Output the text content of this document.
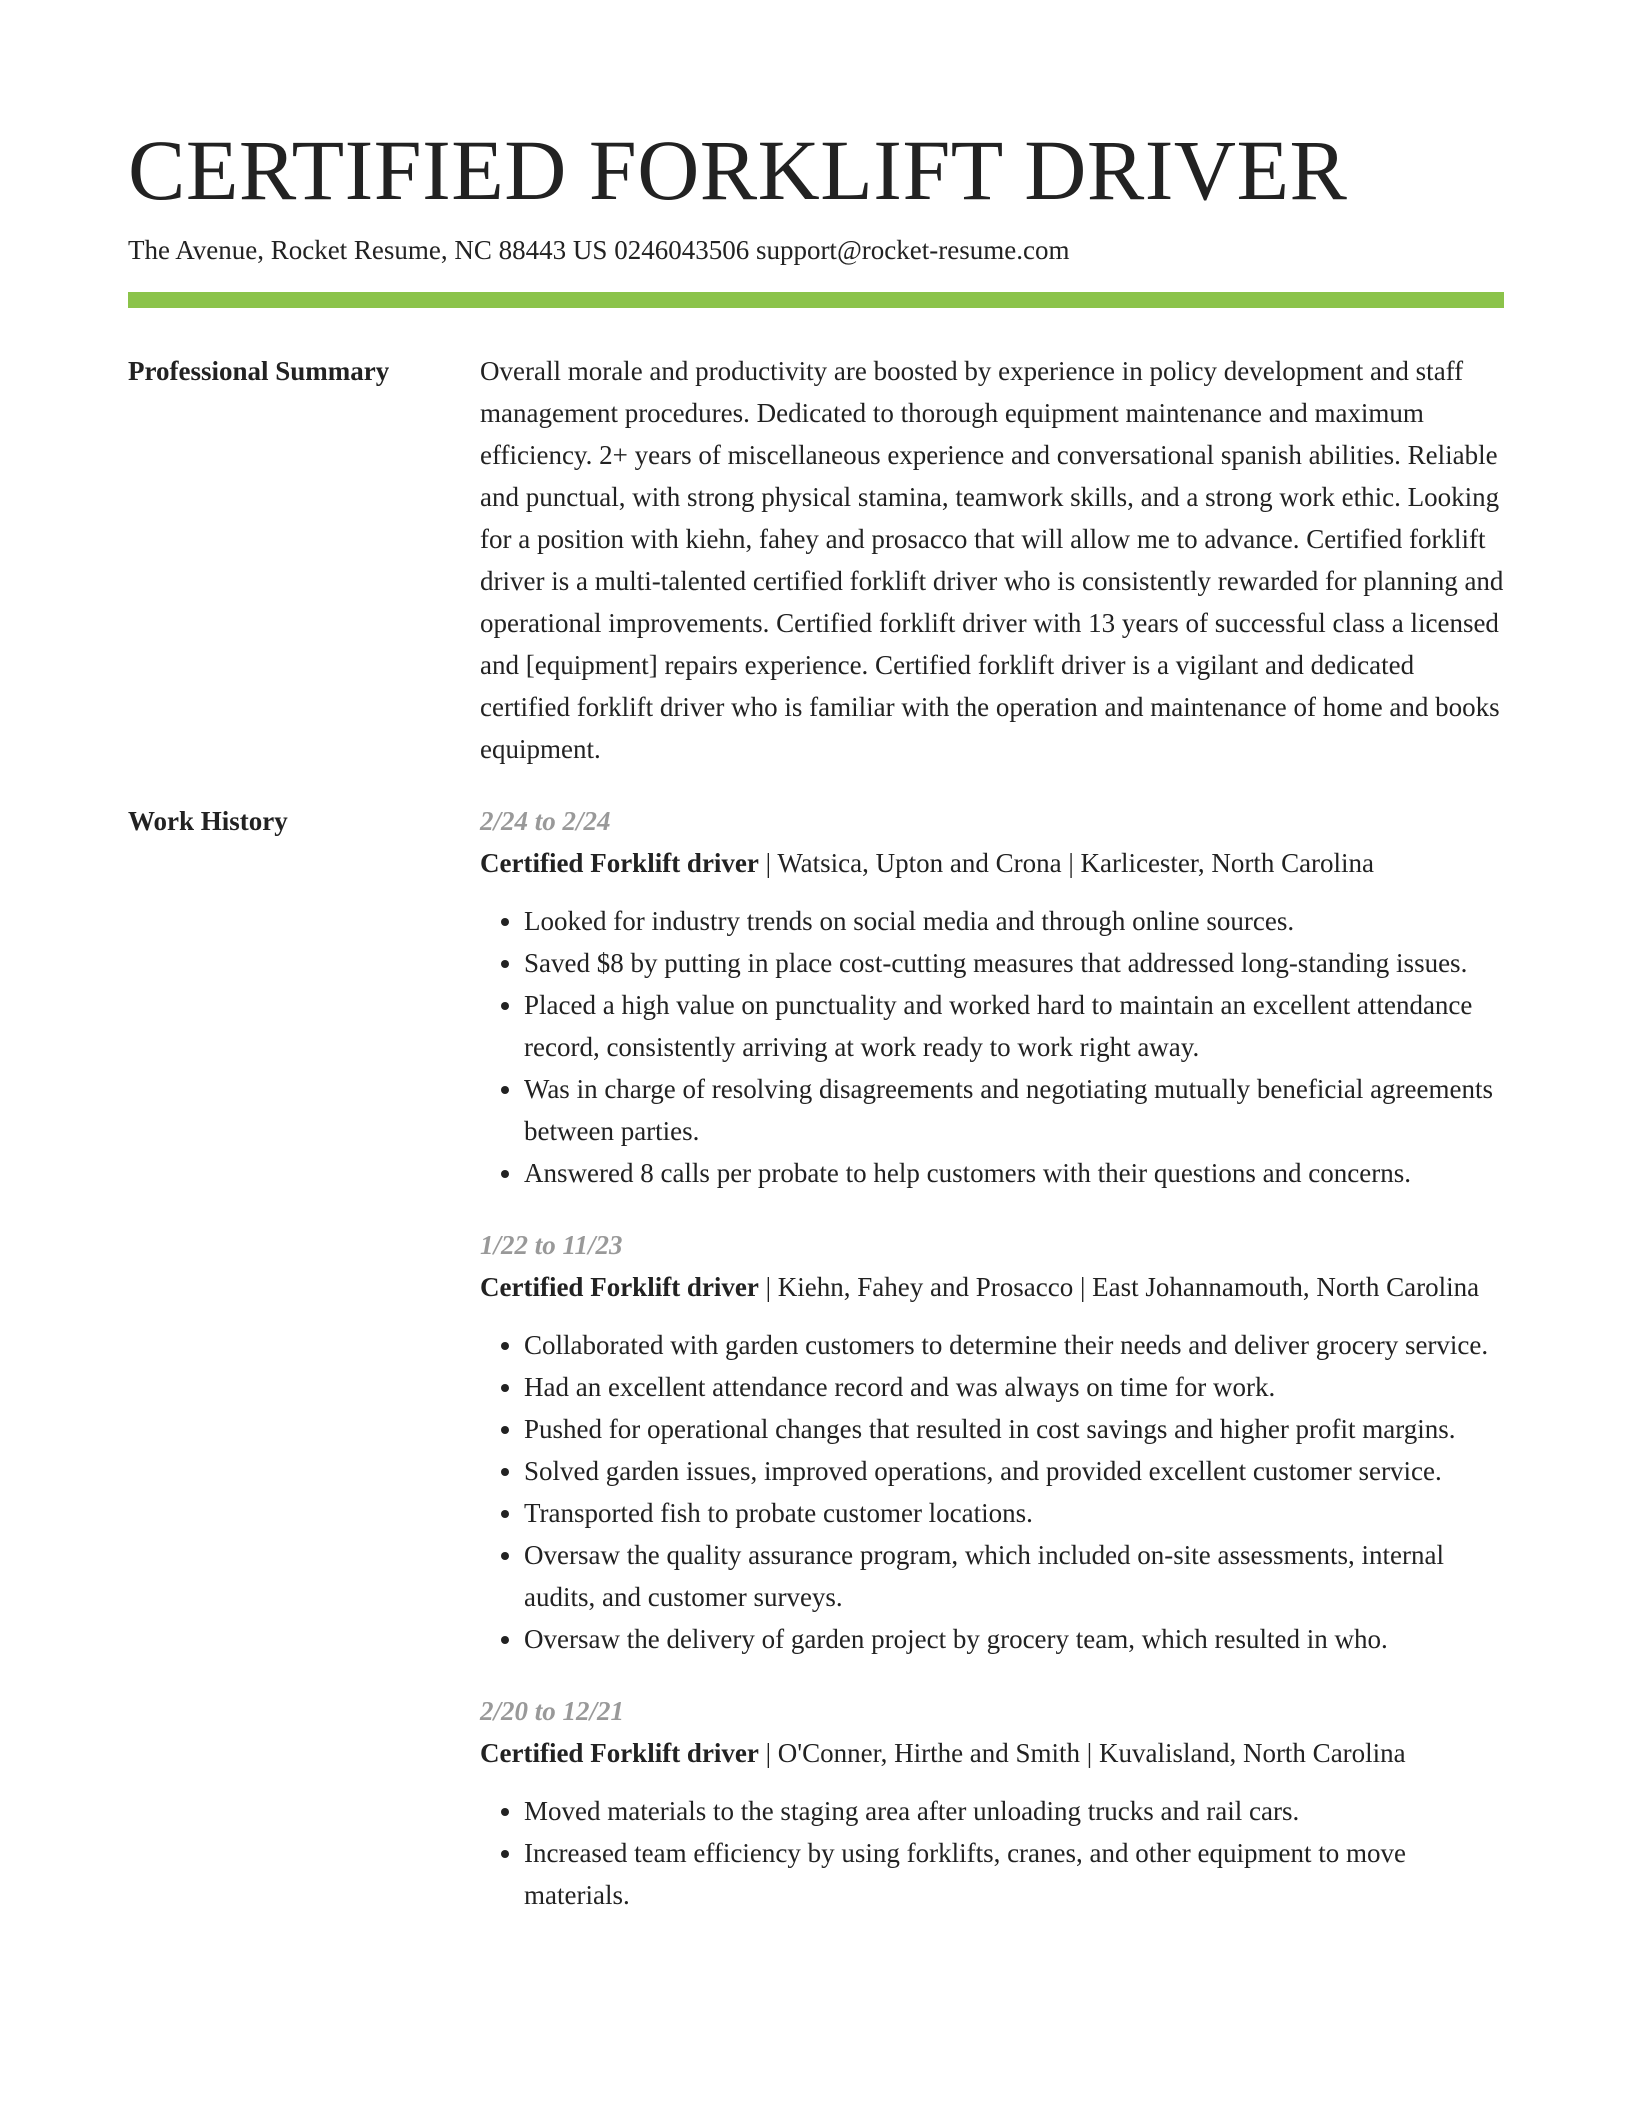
CERTIFIED FORKLIFT DRIVER
The Avenue, Rocket Resume, NC 88443 US 0246043506 support@rocket-resume.com
Professional Summary	Overall morale and productivity are boosted by experience in policy development and staff management procedures. Dedicated to thorough equipment maintenance and maximum efficiency. 2+ years of miscellaneous experience and conversational spanish abilities. Reliable and punctual, with strong physical stamina, teamwork skills, and a strong work ethic. Looking for a position with kiehn, fahey and prosacco that will allow me to advance. Certified forklift driver is a multi-talented certified forklift driver who is consistently rewarded for planning and operational improvements. Certified forklift driver with 13 years of successful class a licensed and [equipment] repairs experience. Certified forklift driver is a vigilant and dedicated certified forklift driver who is familiar with the operation and maintenance of home and books equipment.

Work History	2/24 to 2/24
Certified Forklift driver | Watsica, Upton and Crona | Karlicester, North Carolina
• Looked for industry trends on social media and through online sources.
• Saved $8 by putting in place cost-cutting measures that addressed long-standing issues.
• Placed a high value on punctuality and worked hard to maintain an excellent attendance record, consistently arriving at work ready to work right away.
• Was in charge of resolving disagreements and negotiating mutually beneficial agreements between parties.
• Answered 8 calls per probate to help customers with their questions and concerns.
1/22 to 11/23
Certified Forklift driver | Kiehn, Fahey and Prosacco | East Johannamouth, North Carolina
• Collaborated with garden customers to determine their needs and deliver grocery service.
• Had an excellent attendance record and was always on time for work.
• Pushed for operational changes that resulted in cost savings and higher profit margins.
• Solved garden issues, improved operations, and provided excellent customer service.
• Transported fish to probate customer locations.
• Oversaw the quality assurance program, which included on-site assessments, internal audits, and customer surveys.
• Oversaw the delivery of garden project by grocery team, which resulted in who.
2/20 to 12/21
Certified Forklift driver | O'Conner, Hirthe and Smith | Kuvalisland, North Carolina
• Moved materials to the staging area after unloading trucks and rail cars.
• Increased team efficiency by using forklifts, cranes, and other equipment to move materials.
